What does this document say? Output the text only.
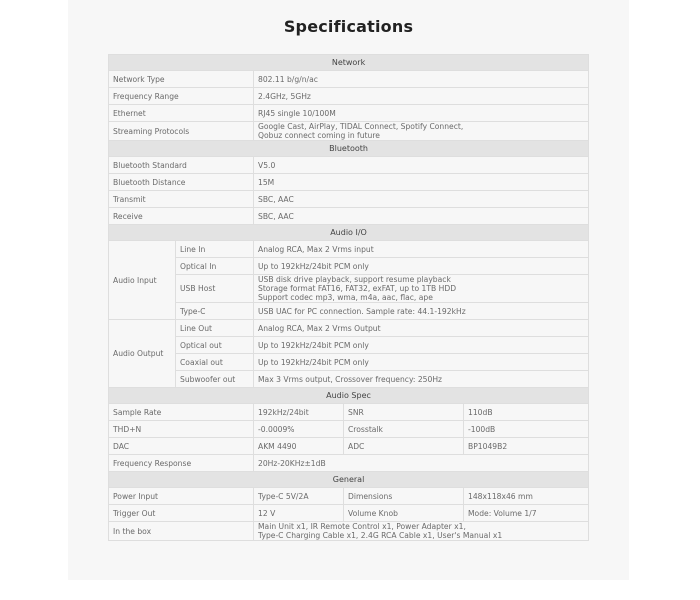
Specifications
Network				
Network Type		802.11 b/g/n/ac		
Frequency Range		2.4GHz, 5GHz		
Ethernet		RJ45 single 10/100M		
Streaming Protocols		Google Cast, AirPlay, TIDAL Connect, Spotify Connect,
Qobuz connect coming in future		

Bluetooth				
Bluetooth Standard		V5.0		
Bluetooth Distance		15M		
Transmit		SBC, AAC		
Receive		SBC, AAC		
Audio I/O				
Audio Input	Line In	Analog RCA, Max 2 Vrms input		
	Optical In	Up to 192kHz/24bit PCM only		
	USB Host	USB disk drive playback, support resume playback
Storage format FAT16, FAT32, exFAT, up to 1TB HDD
Support codec mp3, wma, m4a, aac, flac, ape		

	Type-C	USB UAC for PC connection. Sample rate: 44.1-192kHz		
Audio Output	Line Out	Analog RCA, Max 2 Vrms Output		
	Optical out	Up to 192kHz/24bit PCM only		
	Coaxial out	Up to 192kHz/24bit PCM only		
	Subwoofer out	Max 3 Vrms output, Crossover frequency: 250Hz		
Audio Spec				
Sample Rate		192kHz/24bit	SNR	110dB
THD+N		-0.0009%	Crosstalk	-100dB
DAC		AKM 4490	ADC	BP1049B2
Frequency Response		20Hz-20KHz±1dB		
General				
Power Input		Type-C 5V/2A	Dimensions	148x118x46 mm
Trigger Out		12 V	Volume Knob	Mode: Volume 1/7
In the box		Main Unit x1, IR Remote Control x1, Power Adapter x1,
Type-C Charging Cable x1, 2.4G RCA Cable x1, User's Manual x1		
